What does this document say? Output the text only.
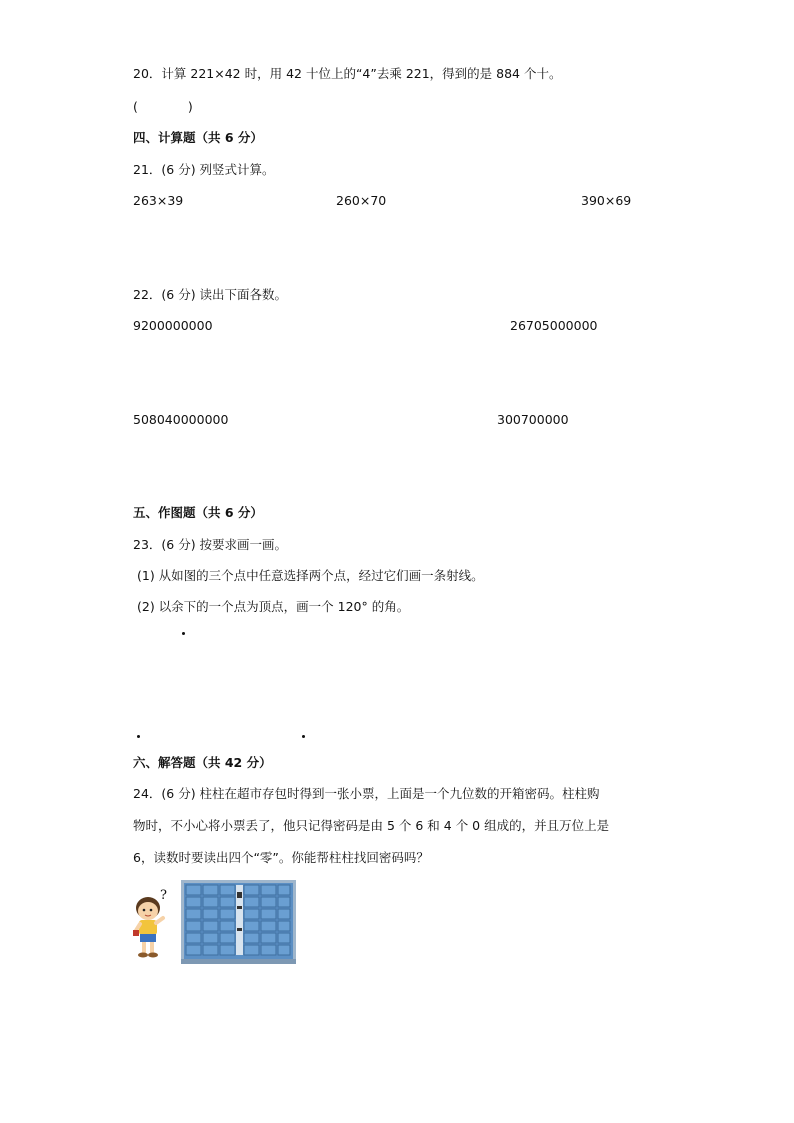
20．计算 221×42 时，用 42 十位上的“4”去乘 221，得到的是 884 个十。
(　　　　)
四、计算题（共 6 分）
21．(6 分) 列竖式计算。
263×39	260×70	390×69
22．(6 分) 读出下面各数。
9200000000	26705000000
508040000000	300700000
五、作图题（共 6 分）
23．(6 分) 按要求画一画。
(1) 从如图的三个点中任意选择两个点，经过它们画一条射线。
(2) 以余下的一个点为顶点，画一个 120° 的角。
六、解答题（共 42 分）
24．(6 分) 柱柱在超市存包时得到一张小票，上面是一个九位数的开箱密码。柱柱购
物时，不小心将小票丢了，他只记得密码是由 5 个 6 和 4 个 0 组成的，并且万位上是
6，读数时要读出四个“零”。你能帮柱柱找回密码吗？
?
